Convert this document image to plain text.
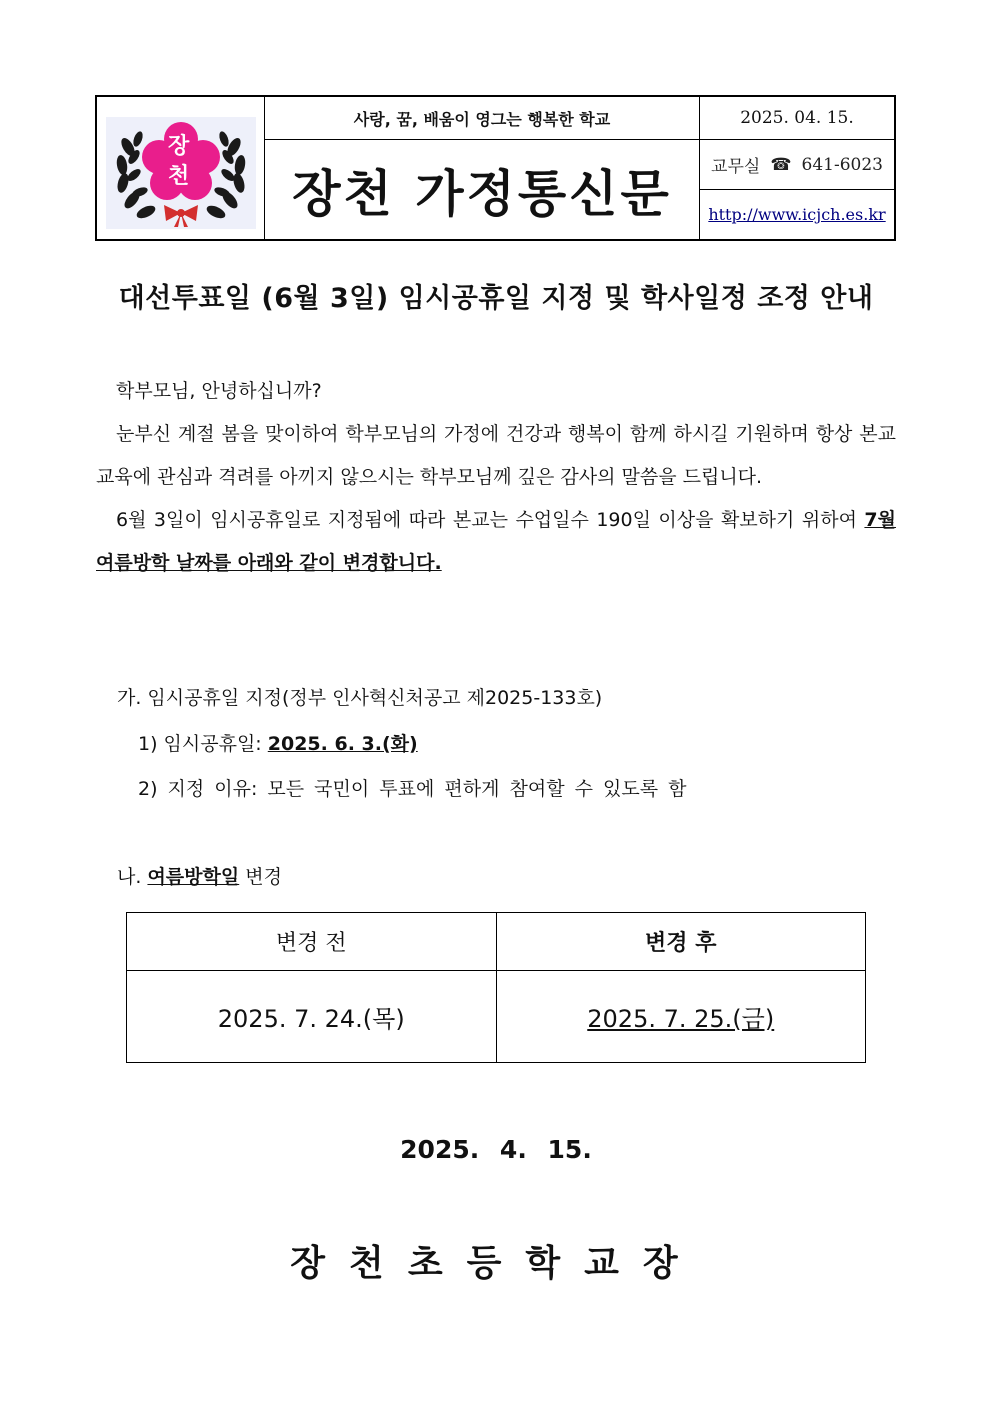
장
천
사랑, 꿈, 배움이 영그는 행복한 학교
장천 가정통신문
2025. 04. 15.
교무실 ☎ 641-6023
http://www.icjch.es.kr
대선투표일 (6월 3일) 임시공휴일 지정 및 학사일정 조정 안내

학부모님, 안녕하십니까?

눈부신 계절 봄을 맞이하여 학부모님의 가정에 건강과 행복이 함께 하시길 기원하며 항상 본교 교육에 관심과 격려를 아끼지 않으시는 학부모님께 깊은 감사의 말씀을 드립니다.

6월 3일이 임시공휴일로 지정됨에 따라 본교는 수업일수 190일 이상을 확보하기 위하여 7월 여름방학 날짜를 아래와 같이 변경합니다.

가. 임시공휴일 지정(정부 인사혁신처공고 제2025-133호)
1) 임시공휴일: 2025. 6. 3.(화)
2) 지정 이유: 모든 국민이 투표에 편하게 참여할 수 있도록 함
나. 여름방학일 변경
변경 전	변경 후
2025. 7. 24.(목)	2025. 7. 25.(금)
2025. 4. 15.
장천초등학교장
